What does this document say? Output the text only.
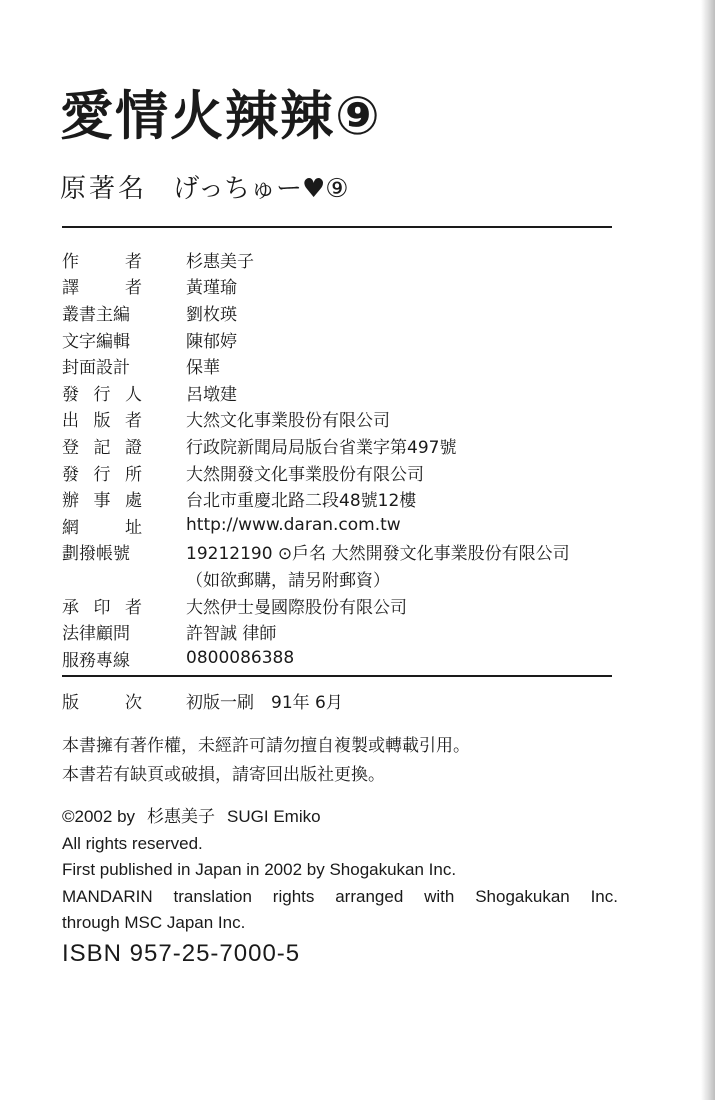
愛情火辣辣⑨
原著名 げっちゅー♥⑨
作	者	杉惠美子
譯	者	黃瑾瑜
叢書主編	劉枚瑛
文字編輯	陳郁婷
封面設計	保華
發 行 人	呂墩建
出 版 者	大然文化事業股份有限公司
登 記 證	行政院新聞局局版台省業字第497號
發 行 所	大然開發文化事業股份有限公司
辦 事 處	台北市重慶北路二段48號12樓
網	址	http://www.daran.com.tw
劃撥帳號	19212190 ⊙戶名 大然開發文化事業股份有限公司
（如欲郵購，請另附郵資）
承 印 者	大然伊士曼國際股份有限公司
法律顧問	許智誠 律師
服務專線	0800086388
版	次	初版一刷　91年 6月
本書擁有著作權，未經許可請勿擅自複製或轉載引用。
本書若有缺頁或破損，請寄回出版社更換。
©2002 by 杉惠美子 SUGI Emiko
All rights reserved.
First published in Japan in 2002 by Shogakukan Inc.
MANDARIN translation rights arranged with Shogakukan Inc.
through MSC Japan Inc.
ISBN 957-25-7000-5
